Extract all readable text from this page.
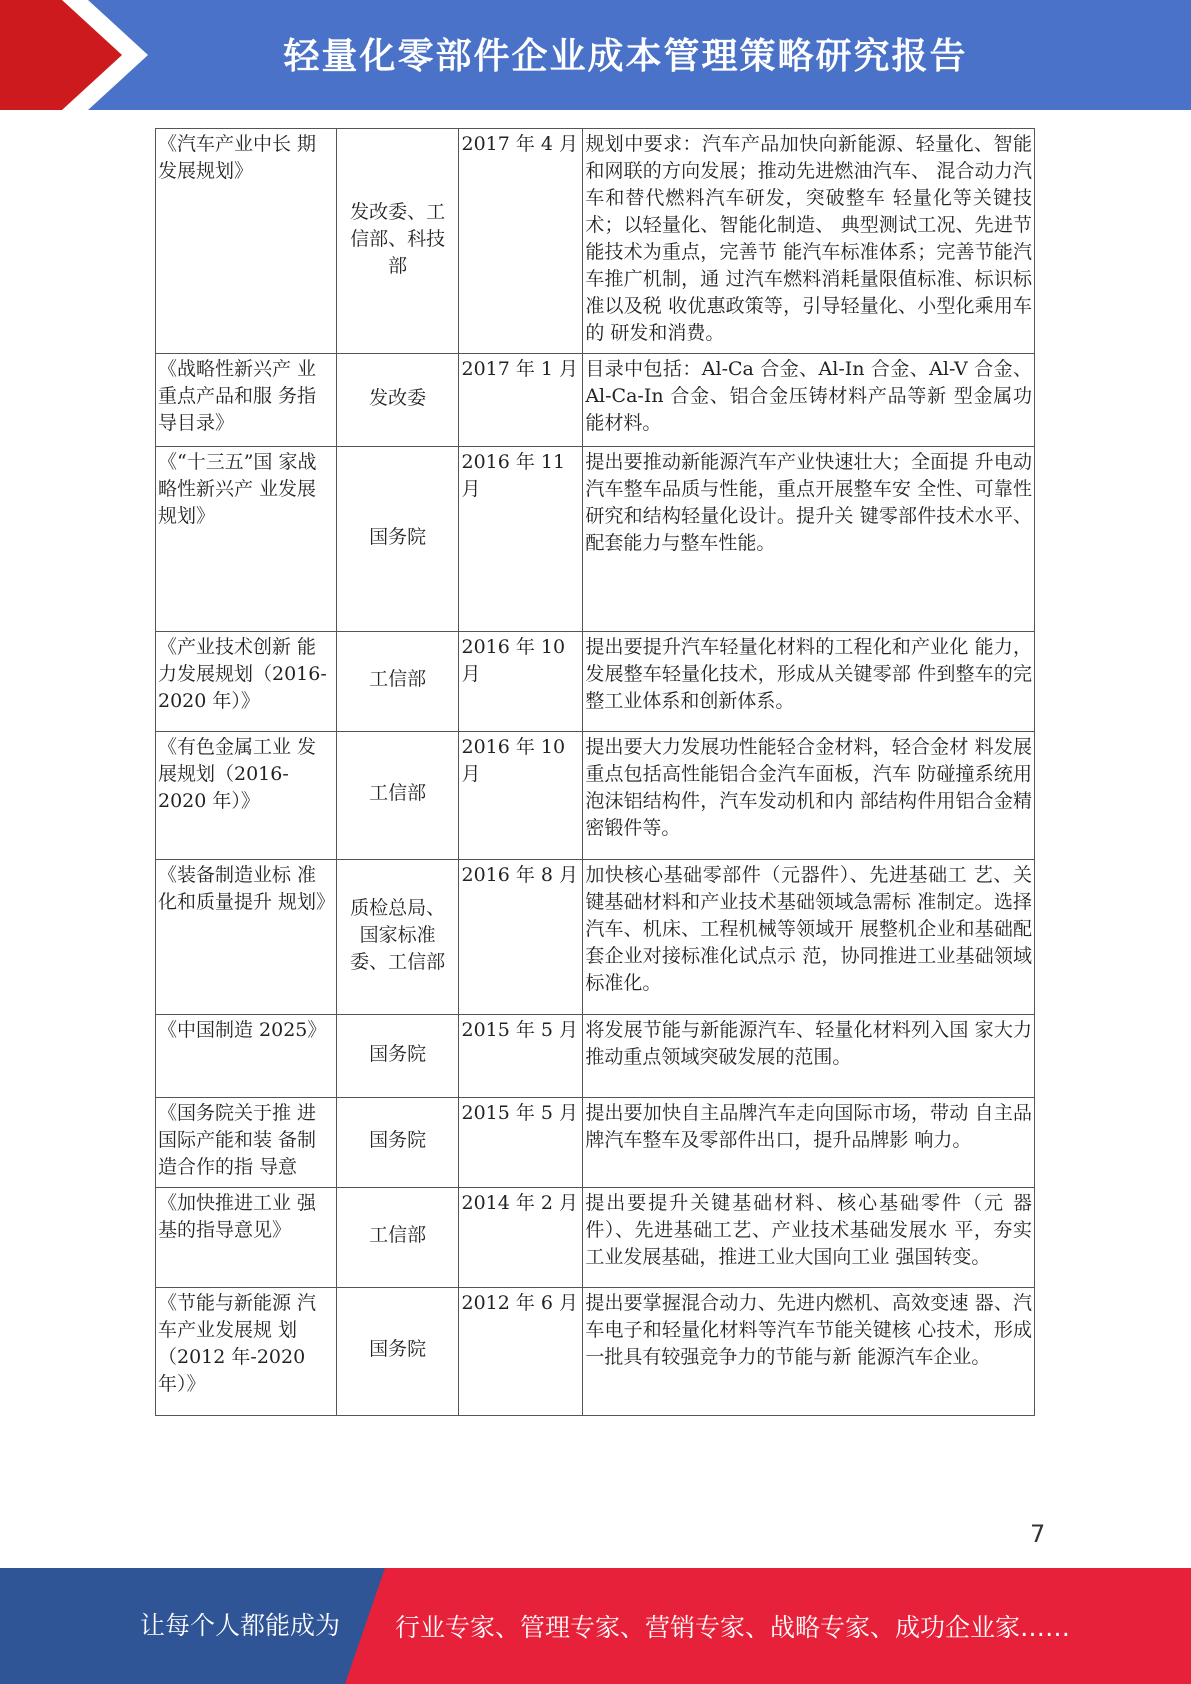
轻量化零部件企业成本管理策略研究报告
《汽车产业中长 期发展规划》	发改委、工信部、科技部	2017 年 4 月	规划中要求：汽车产品加快向新能源、轻量化、智能和网联的方向发展；推动先进燃油汽车、 混合动力汽车和替代燃料汽车研发，突破整车 轻量化等关键技术；以轻量化、智能化制造、 典型测试工况、先进节能技术为重点，完善节 能汽车标准体系；完善节能汽车推广机制，通 过汽车燃料消耗量限值标准、标识标准以及税 收优惠政策等，引导轻量化、小型化乘用车的 研发和消费。
《战略性新兴产 业重点产品和服 务指导目录》	发改委	2017 年 1 月	目录中包括：Al-Ca 合金、Al-In 合金、Al-V 合金、Al-Ca-In 合金、铝合金压铸材料产品等新 型金属功能材料。
《“十三五”国 家战略性新兴产 业发展规划》	国务院	2016 年 11 月	提出要推动新能源汽车产业快速壮大；全面提 升电动汽车整车品质与性能，重点开展整车安 全性、可靠性研究和结构轻量化设计。提升关 键零部件技术水平、配套能力与整车性能。
《产业技术创新 能力发展规划（2016-2020 年）》	工信部	2016 年 10 月	提出要提升汽车轻量化材料的工程化和产业化 能力，发展整车轻量化技术，形成从关键零部 件到整车的完整工业体系和创新体系。
《有色金属工业 发展规划（2016-2020 年）》	工信部	2016 年 10 月	提出要大力发展功性能轻合金材料，轻合金材 料发展重点包括高性能铝合金汽车面板，汽车 防碰撞系统用泡沫铝结构件，汽车发动机和内 部结构件用铝合金精密锻件等。
《装备制造业标 准化和质量提升 规划》	质检总局、国家标准委、工信部	2016 年 8 月	加快核心基础零部件（元器件）、先进基础工 艺、关键基础材料和产业技术基础领域急需标 准制定。选择汽车、机床、工程机械等领域开 展整机企业和基础配套企业对接标准化试点示 范，协同推进工业基础领域标准化。
《中国制造 2025》	国务院	2015 年 5 月	将发展节能与新能源汽车、轻量化材料列入国 家大力推动重点领域突破发展的范围。
《国务院关于推 进国际产能和装 备制造合作的指 导意	国务院	2015 年 5 月	提出要加快自主品牌汽车走向国际市场，带动 自主品牌汽车整车及零部件出口，提升品牌影 响力。
《加快推进工业 强基的指导意见》	工信部	2014 年 2 月	提出要提升关键基础材料、核心基础零件（元 器件）、先进基础工艺、产业技术基础发展水 平，夯实工业发展基础，推进工业大国向工业 强国转变。
《节能与新能源 汽车产业发展规 划（2012 年-2020 年）》	国务院	2012 年 6 月	提出要掌握混合动力、先进内燃机、高效变速 器、汽车电子和轻量化材料等汽车节能关键核 心技术，形成一批具有较强竞争力的节能与新 能源汽车企业。
7
让每个人都能成为 行业专家、管理专家、营销专家、战略专家、成功企业家……
